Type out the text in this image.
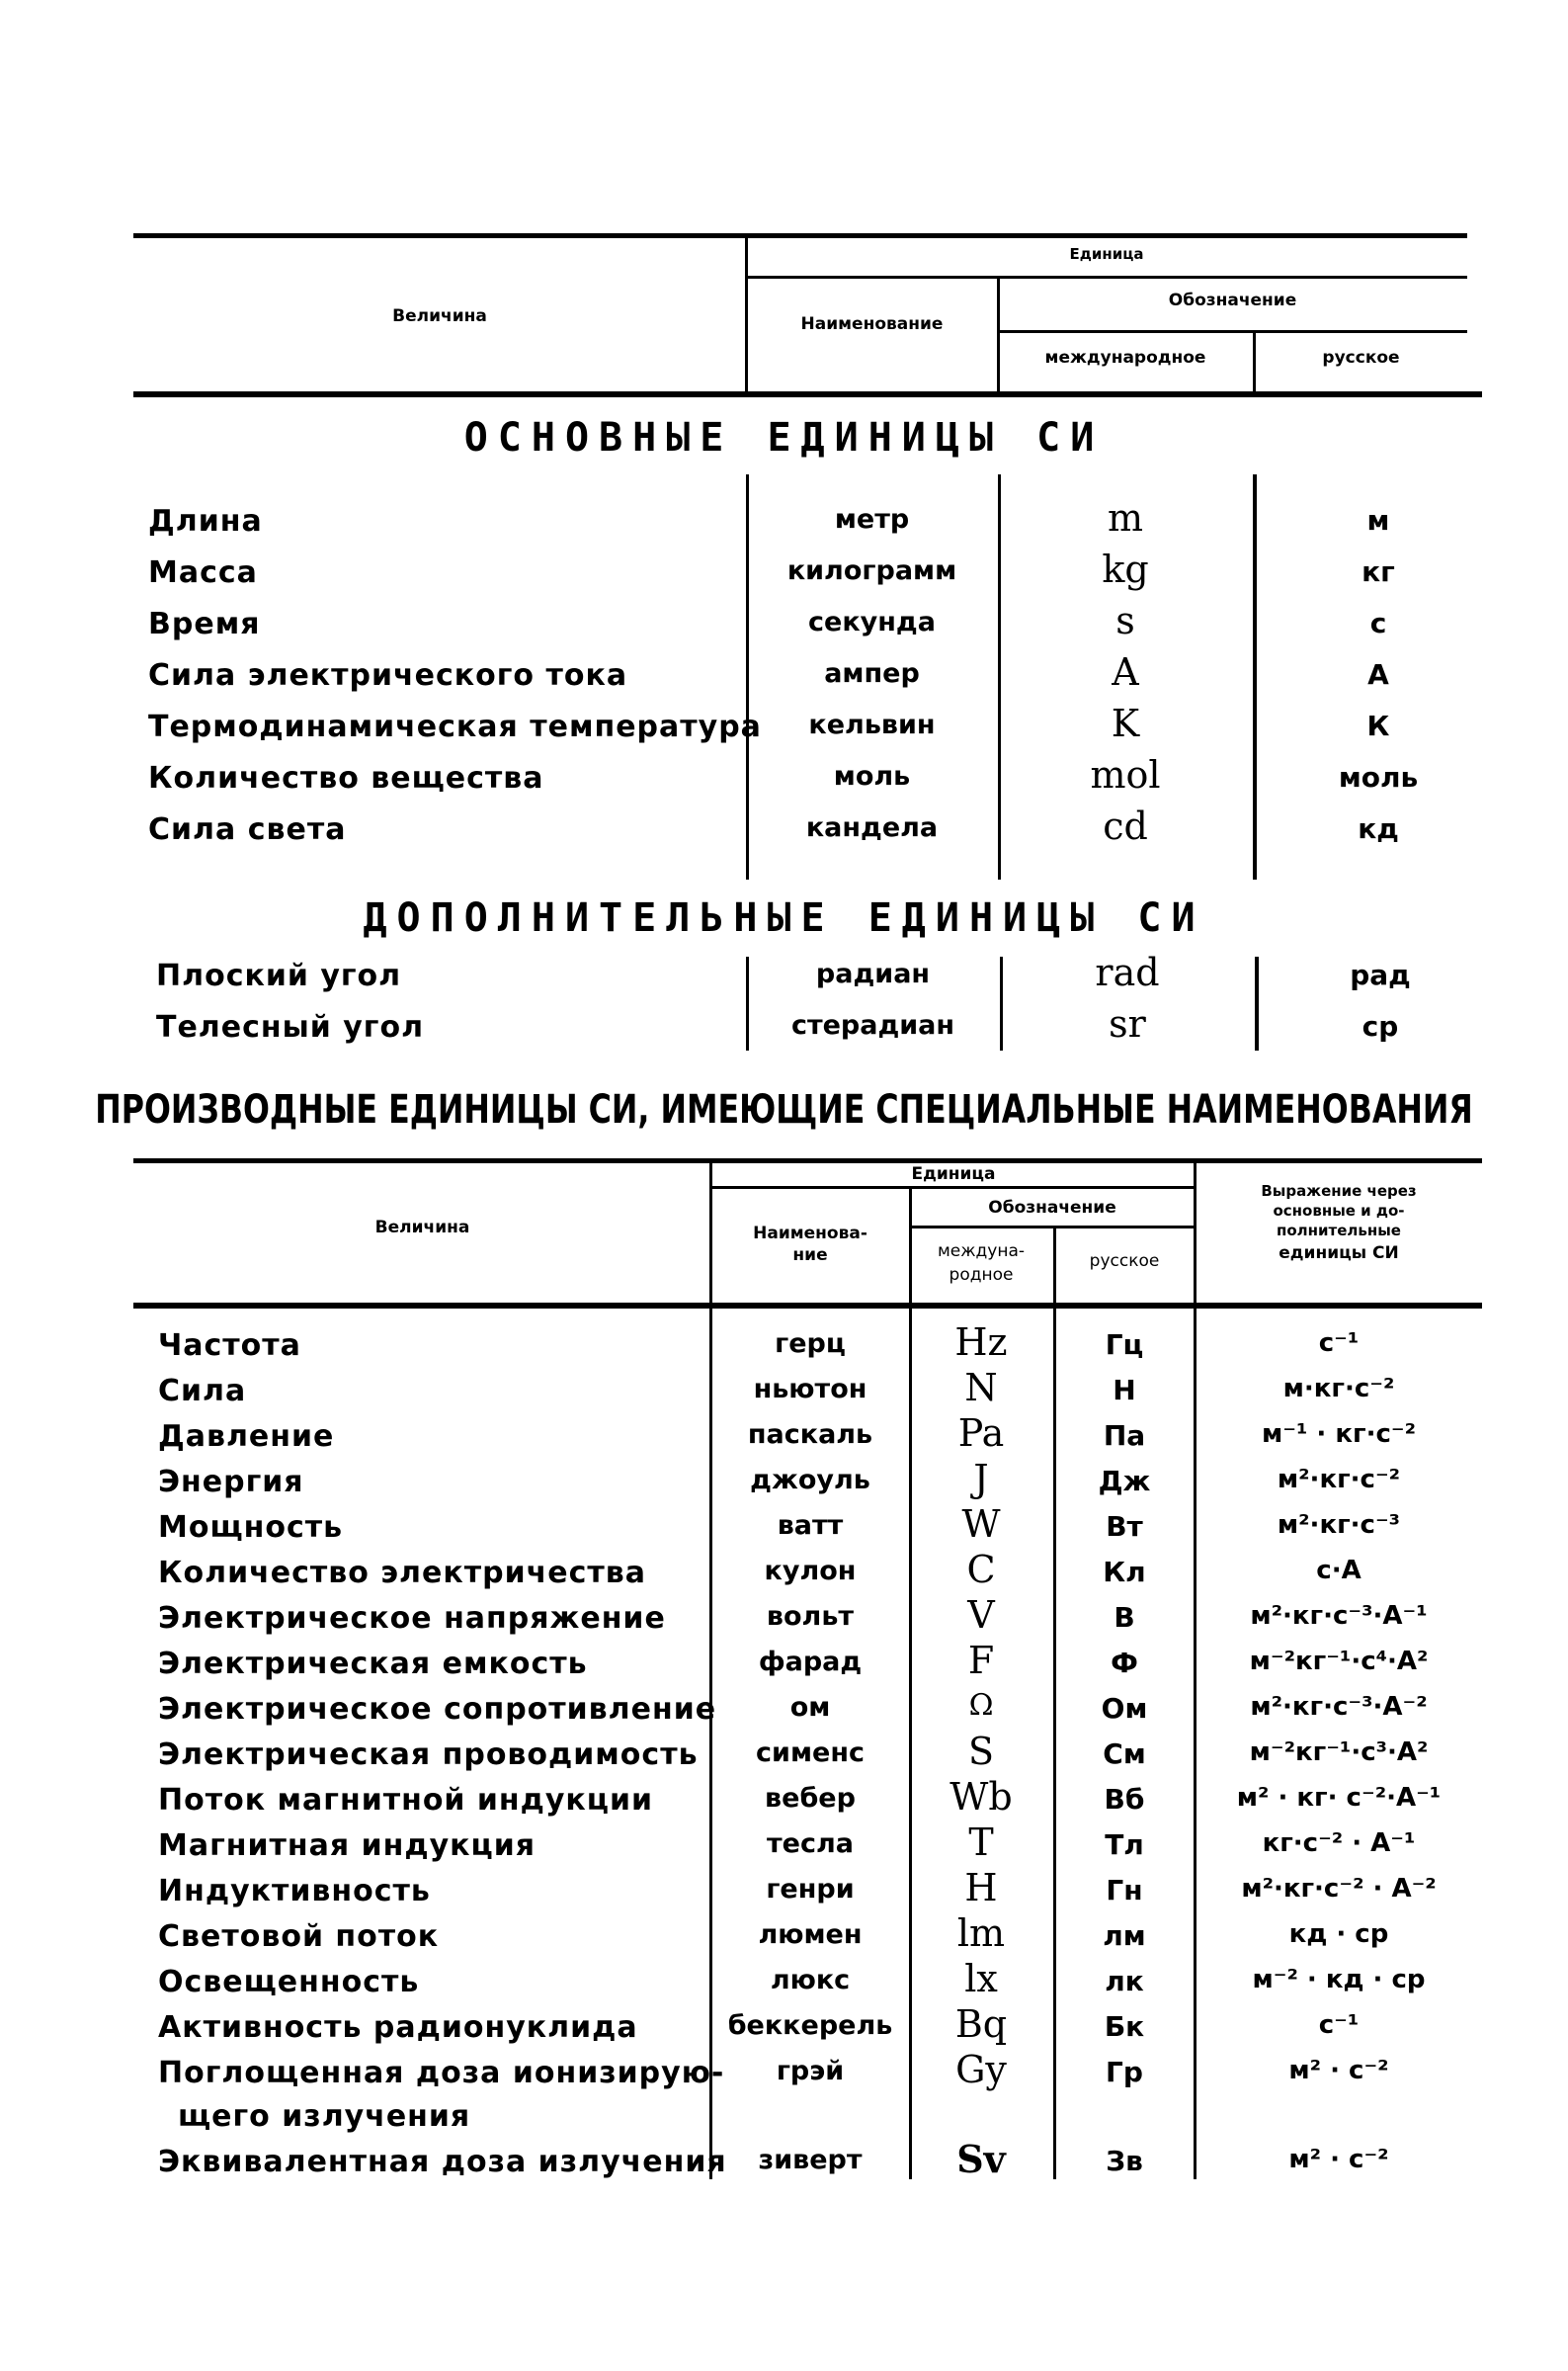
Величина
Единица
Наименование
Обозначение
международное	русское
ОСНОВНЫЕ ЕДИНИЦЫ СИ
Длина	метр	m	м
Масса	килограмм	kg	кг
Время	секунда	s	с
Сила электрического тока	ампер	A	А
Термодинамическая температура	кельвин	K	К
Количество вещества	моль	mol	моль
Сила света	кандела	cd	кд
ДОПОЛНИТЕЛЬНЫЕ ЕДИНИЦЫ СИ
Плоский угол	радиан	rad	рад
Телесный угол	стерадиан	sr	ср
ПРОИЗВОДНЫЕ ЕДИНИЦЫ СИ, ИМЕЮЩИЕ СПЕЦИАЛЬНЫЕ НАИМЕНОВАНИЯ
Величина
Единица
Наименова-
ние
Обозначение
междуна-
родное
русское
Выражение через
основные и до-
полнительные
единицы СИ
Частота	герц	Hz	Гц	с⁻¹
Сила	ньютон	N	Н	м·кг·с⁻²
Давление	паскаль	Pa	Па	м⁻¹ · кг·с⁻²
Энергия	джоуль	J	Дж	м²·кг·с⁻²
Мощность	ватт	W	Вт	м²·кг·с⁻³
Количество электричества	кулон	C	Кл	с·А
Электрическое напряжение	вольт	V	В	м²·кг·с⁻³·А⁻¹
Электрическая емкость	фарад	F	Ф	м⁻²кг⁻¹·с⁴·А²
Электрическое сопротивление	ом	Ω	Ом	м²·кг·с⁻³·А⁻²
Электрическая проводимость	сименс	S	См	м⁻²кг⁻¹·с³·А²
Поток магнитной индукции	вебер	Wb	Вб	м² · кг· с⁻²·А⁻¹
Магнитная индукция	тесла	T	Тл	кг·с⁻² · А⁻¹
Индуктивность	генри	H	Гн	м²·кг·с⁻² · А⁻²
Световой поток	люмен	lm	лм	кд · ср
Освещенность	люкс	lx	лк	м⁻² · кд · ср
Активность радионуклида	беккерель	Bq	Бк	с⁻¹
Поглощенная доза ионизирую-
щего излучения
грэй	Gy	Гр	м² · с⁻²
Эквивалентная доза излучения	зиверт	Sv	Зв	м² · с⁻²
